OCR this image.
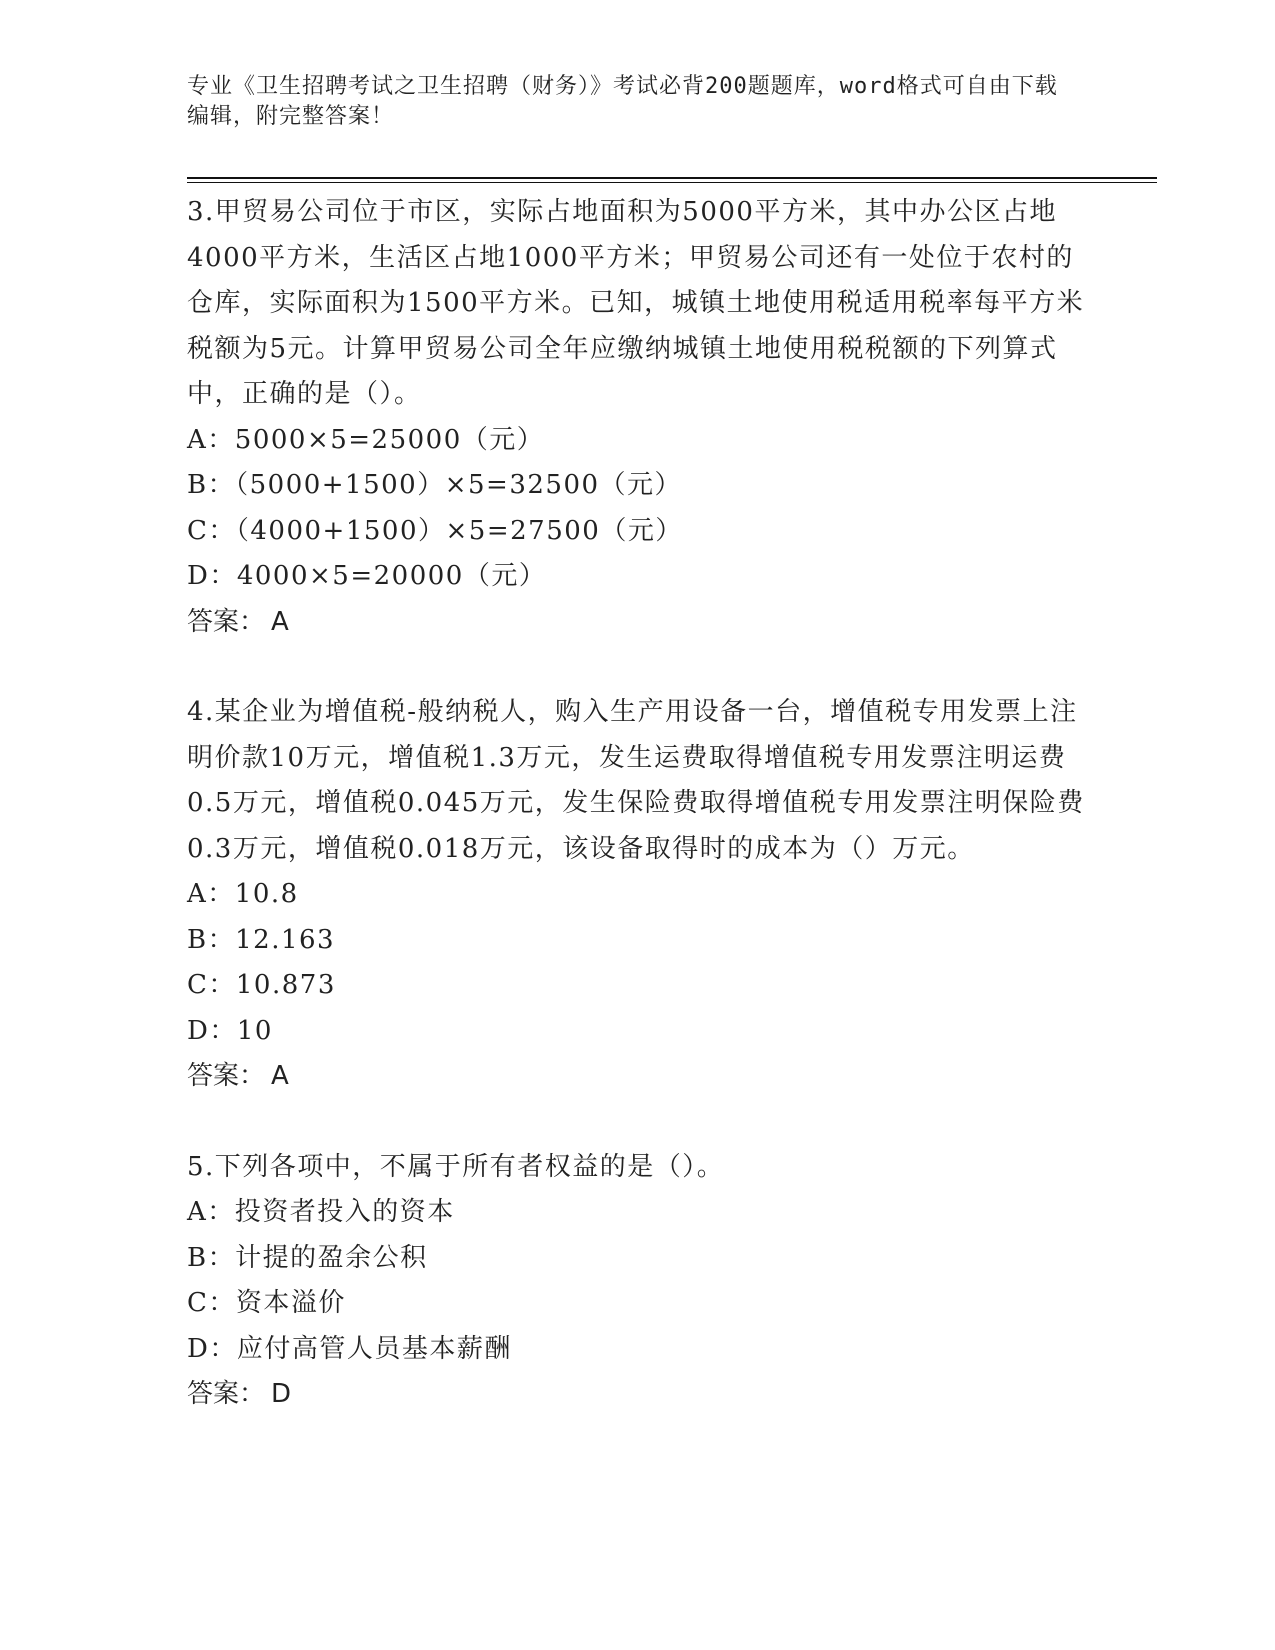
专业《卫生招聘考试之卫生招聘（财务）》考试必背200题题库，word格式可自由下载编辑，附完整答案！

3.甲贸易公司位于市区，实际占地面积为5000平方米，其中办公区占地4000平方米，生活区占地1000平方米；甲贸易公司还有一处位于农村的仓库，实际面积为1500平方米。已知，城镇土地使用税适用税率每平方米税额为5元。计算甲贸易公司全年应缴纳城镇土地使用税税额的下列算式中，正确的是（）。

A：5000×5=25000（元）

B：（5000+1500）×5=32500（元）

C：（4000+1500）×5=27500（元）

D：4000×5=20000（元）

答案： A

4.某企业为增值税-般纳税人，购入生产用设备一台，增值税专用发票上注明价款10万元，增值税1.3万元，发生运费取得增值税专用发票注明运费0.5万元，增值税0.045万元，发生保险费取得增值税专用发票注明保险费0.3万元，增值税0.018万元，该设备取得时的成本为（）万元。

A：10.8

B：12.163

C：10.873

D：10

答案： A

5.下列各项中，不属于所有者权益的是（）。

A：投资者投入的资本

B：计提的盈余公积

C：资本溢价

D：应付高管人员基本薪酬

答案： D
